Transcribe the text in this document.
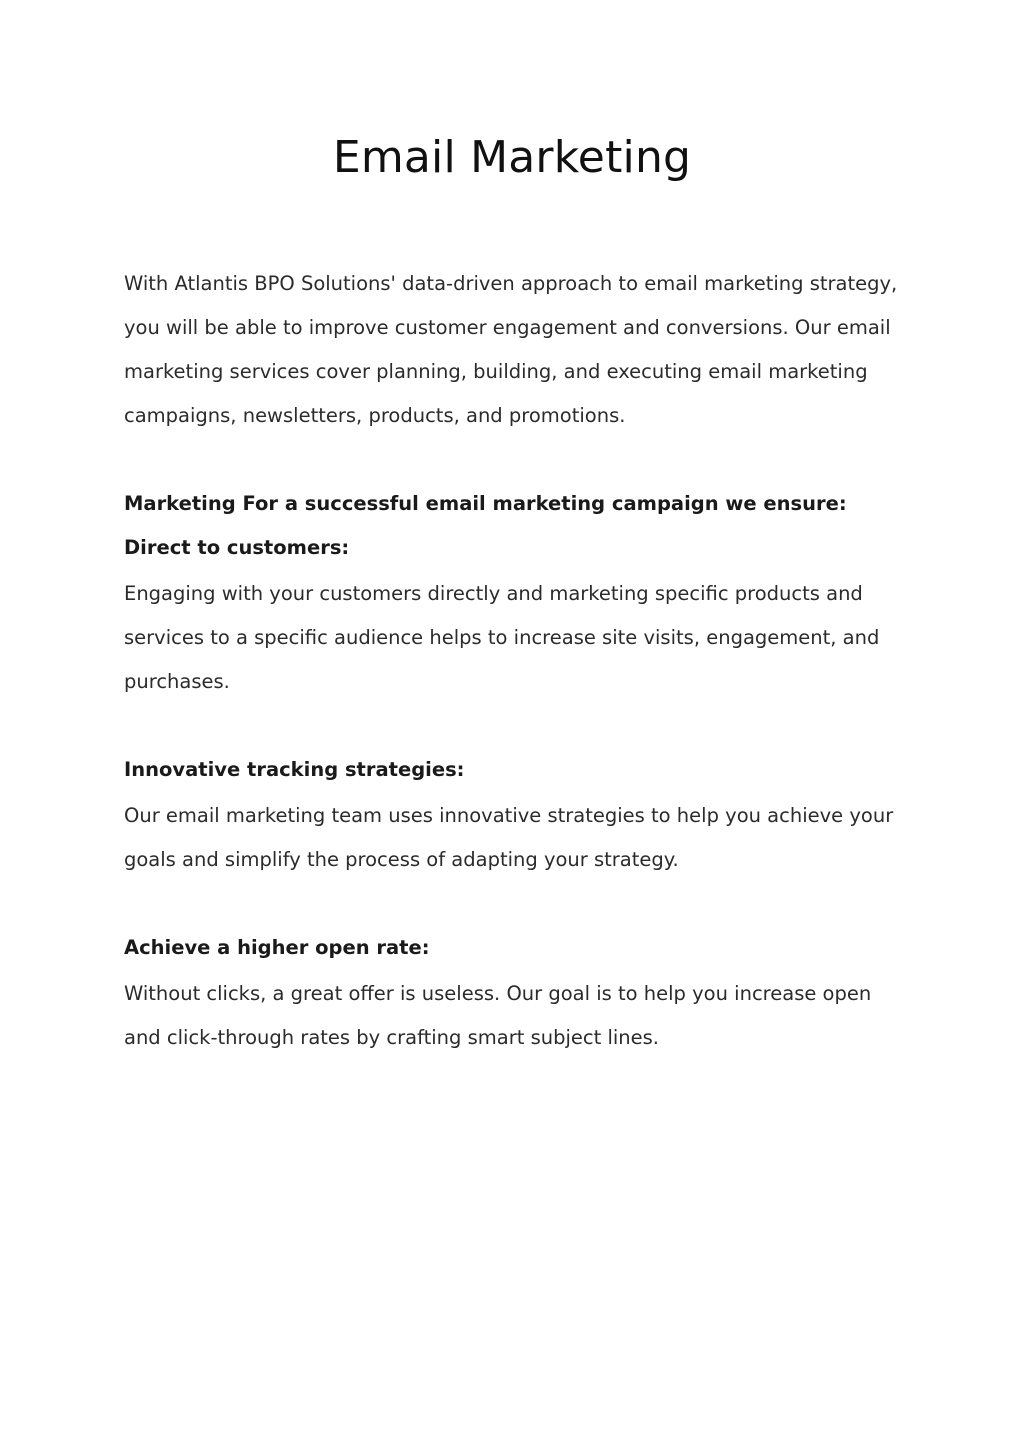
Email Marketing

With Atlantis BPO Solutions' data-driven approach to email marketing strategy, you will be able to improve customer engagement and conversions. Our email marketing services cover planning, building, and executing email marketing campaigns, newsletters, products, and promotions.

Marketing For a successful email marketing campaign we ensure:

Direct to customers:

Engaging with your customers directly and marketing specific products and services to a specific audience helps to increase site visits, engagement, and purchases.

Innovative tracking strategies:

Our email marketing team uses innovative strategies to help you achieve your goals and simplify the process of adapting your strategy.

Achieve a higher open rate:

Without clicks, a great offer is useless. Our goal is to help you increase open and click-through rates by crafting smart subject lines.
